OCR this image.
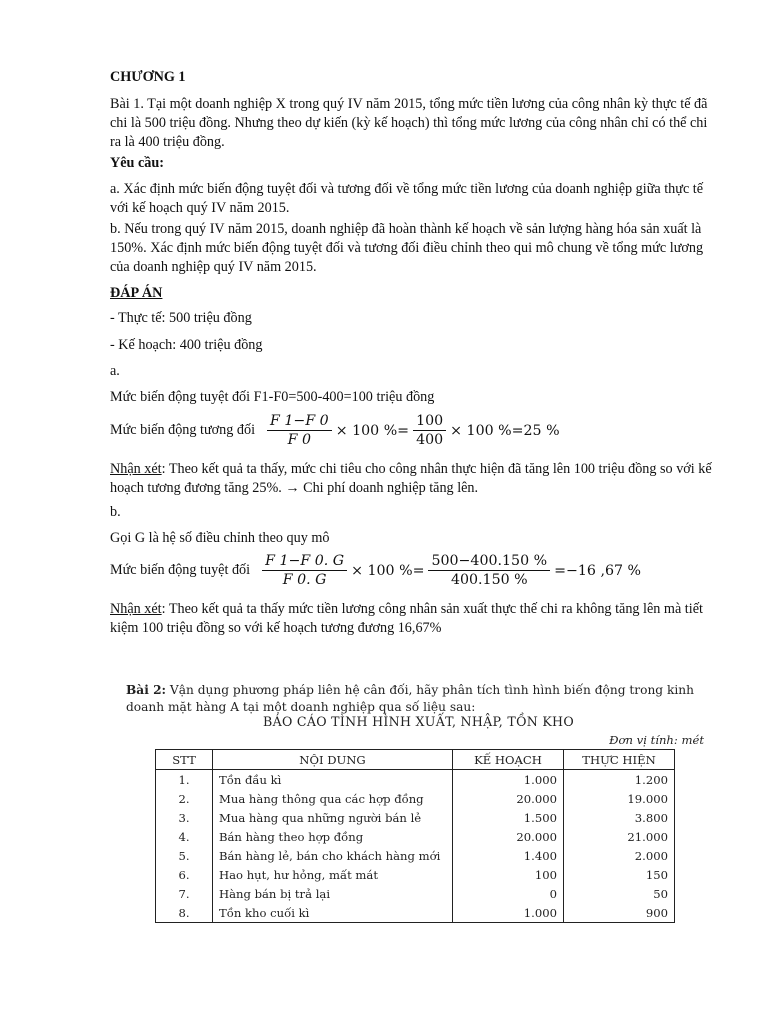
CHƯƠNG 1

Bài 1. Tại một doanh nghiệp X trong quý IV năm 2015, tổng mức tiền lương của công nhân kỳ thực tế đã chi là 500 triệu đồng. Nhưng theo dự kiến (kỳ kế hoạch) thì tổng mức lương của công nhân chỉ có thể chi ra là 400 triệu đồng.

Yêu cầu:

a. Xác định mức biến động tuyệt đối và tương đối về tổng mức tiền lương của doanh nghiệp giữa thực tế với kế hoạch quý IV năm 2015.

b. Nếu trong quý IV năm 2015, doanh nghiệp đã hoàn thành kế hoạch về sản lượng hàng hóa sản xuất là 150%. Xác định mức biến động tuyệt đối và tương đối điều chỉnh theo qui mô chung về tổng mức lương của doanh nghiệp quý IV năm 2015.

ĐÁP ÁN

- Thực tế: 500 triệu đồng

- Kế hoạch: 400 triệu đồng

a.

Mức biến động tuyệt đối F1-F0=500-400=100 triệu đồng

Mức biến động tương đối $\frac{F 1-F 0}{F 0} \times 100$ %= $\frac{100}{400} \times 100$ %=25 %

Nhận xét: Theo kết quả ta thấy, mức chi tiêu cho công nhân thực hiện đã tăng lên 100 triệu đồng so với kế hoạch tương đương tăng 25%. → Chi phí doanh nghiệp tăng lên.

b.

Gọi G là hệ số điều chỉnh theo quy mô

Mức biến động tuyệt đối $\frac{F 1-F 0. G}{F 0. G} \times 100$ %= $\frac{500-400.150 \%}{400.150 \%} =-16$ ,67 %

Nhận xét: Theo kết quả ta thấy mức tiền lương công nhân sản xuất thực thế chi ra không tăng lên mà tiết kiệm 100 triệu đồng so với kế hoạch tương đương 16,67%

Bài 2: Vận dụng phương pháp liên hệ cân đối, hãy phân tích tình hình biến động trong kinh doanh mặt hàng A tại một doanh nghiệp qua số liệu sau:

BÁO CÁO TÌNH HÌNH XUẤT, NHẬP, TỒN KHO
Đơn vị tính: mét
STT	NỘI DUNG	KẾ HOẠCH	THỰC HIỆN
1.	Tồn đầu kì	1.000	1.200
2.	Mua hàng thông qua các hợp đồng	20.000	19.000
3.	Mua hàng qua những người bán lẻ	1.500	3.800
4.	Bán hàng theo hợp đồng	20.000	21.000
5.	Bán hàng lẻ, bán cho khách hàng mới	1.400	2.000
6.	Hao hụt, hư hỏng, mất mát	100	150
7.	Hàng bán bị trả lại	0	50
8.	Tồn kho cuối kì	1.000	900
